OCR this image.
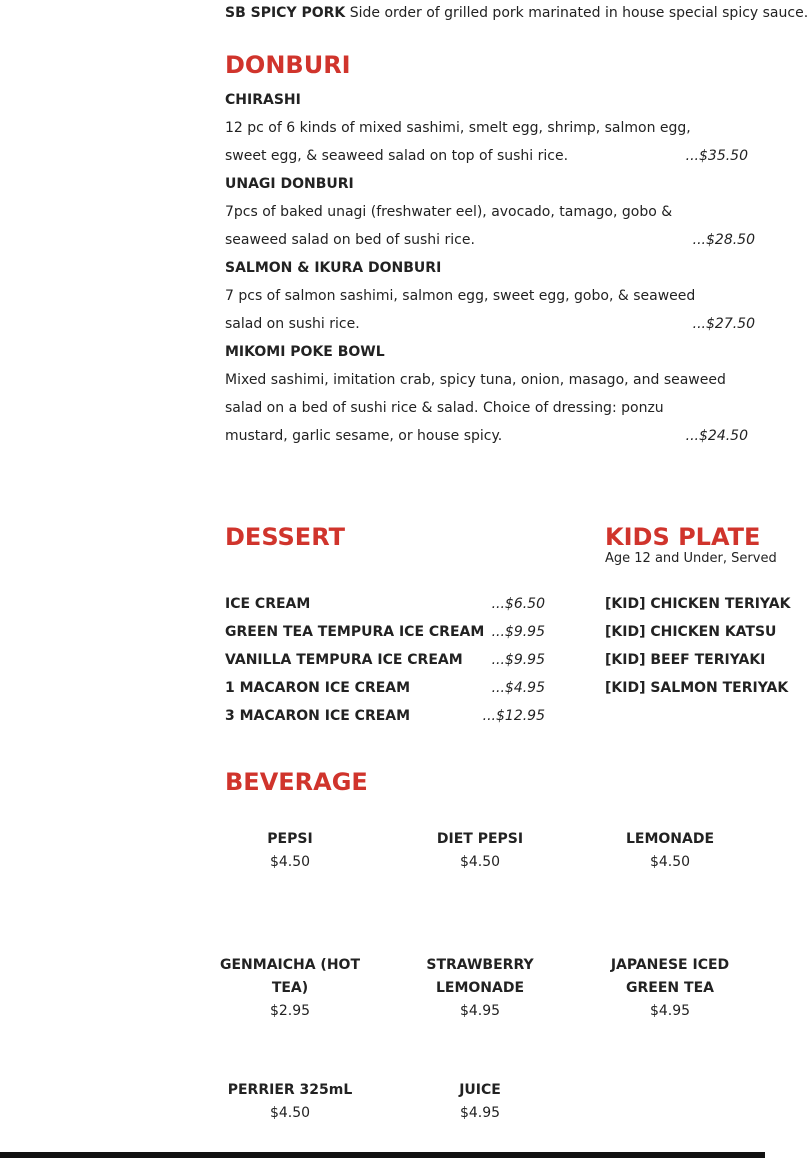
SB SPICY PORK Side order of grilled pork marinated in house special spicy sauce.
DONBURI
CHIRASHI
12 pc of 6 kinds of mixed sashimi, smelt egg, shrimp, salmon egg, sweet egg, & seaweed salad on top of sushi rice.	...$35.50
UNAGI DONBURI
7pcs of baked unagi (freshwater eel), avocado, tamago, gobo & seaweed salad on bed of sushi rice.	...$28.50
SALMON & IKURA DONBURI
7 pcs of salmon sashimi, salmon egg, sweet egg, gobo, & seaweed salad on sushi rice.	...$27.50
MIKOMI POKE BOWL
Mixed sashimi, imitation crab, spicy tuna, onion, masago, and seaweed salad on a bed of sushi rice & salad. Choice of dressing: ponzu mustard, garlic sesame, or house spicy.	...$24.50
DESSERT
ICE CREAM	...$6.50
GREEN TEA TEMPURA ICE CREAM ...$9.95
VANILLA TEMPURA ICE CREAM ...$9.95
1 MACARON ICE CREAM	...$4.95
3 MACARON ICE CREAM	...$12.95
KIDS PLATE
Age 12 and Under, Served
[KID] CHICKEN TERIYAK
[KID] CHICKEN KATSU
[KID] BEEF TERIYAKI
[KID] SALMON TERIYAK
BEVERAGE
PEPSI
$4.50
DIET PEPSI
$4.50
LEMONADE
$4.50
GENMAICHA (HOT TEA)
$2.95
STRAWBERRY LEMONADE
$4.95
JAPANESE ICED GREEN TEA
$4.95
PERRIER 325mL
$4.50
JUICE
$4.95
